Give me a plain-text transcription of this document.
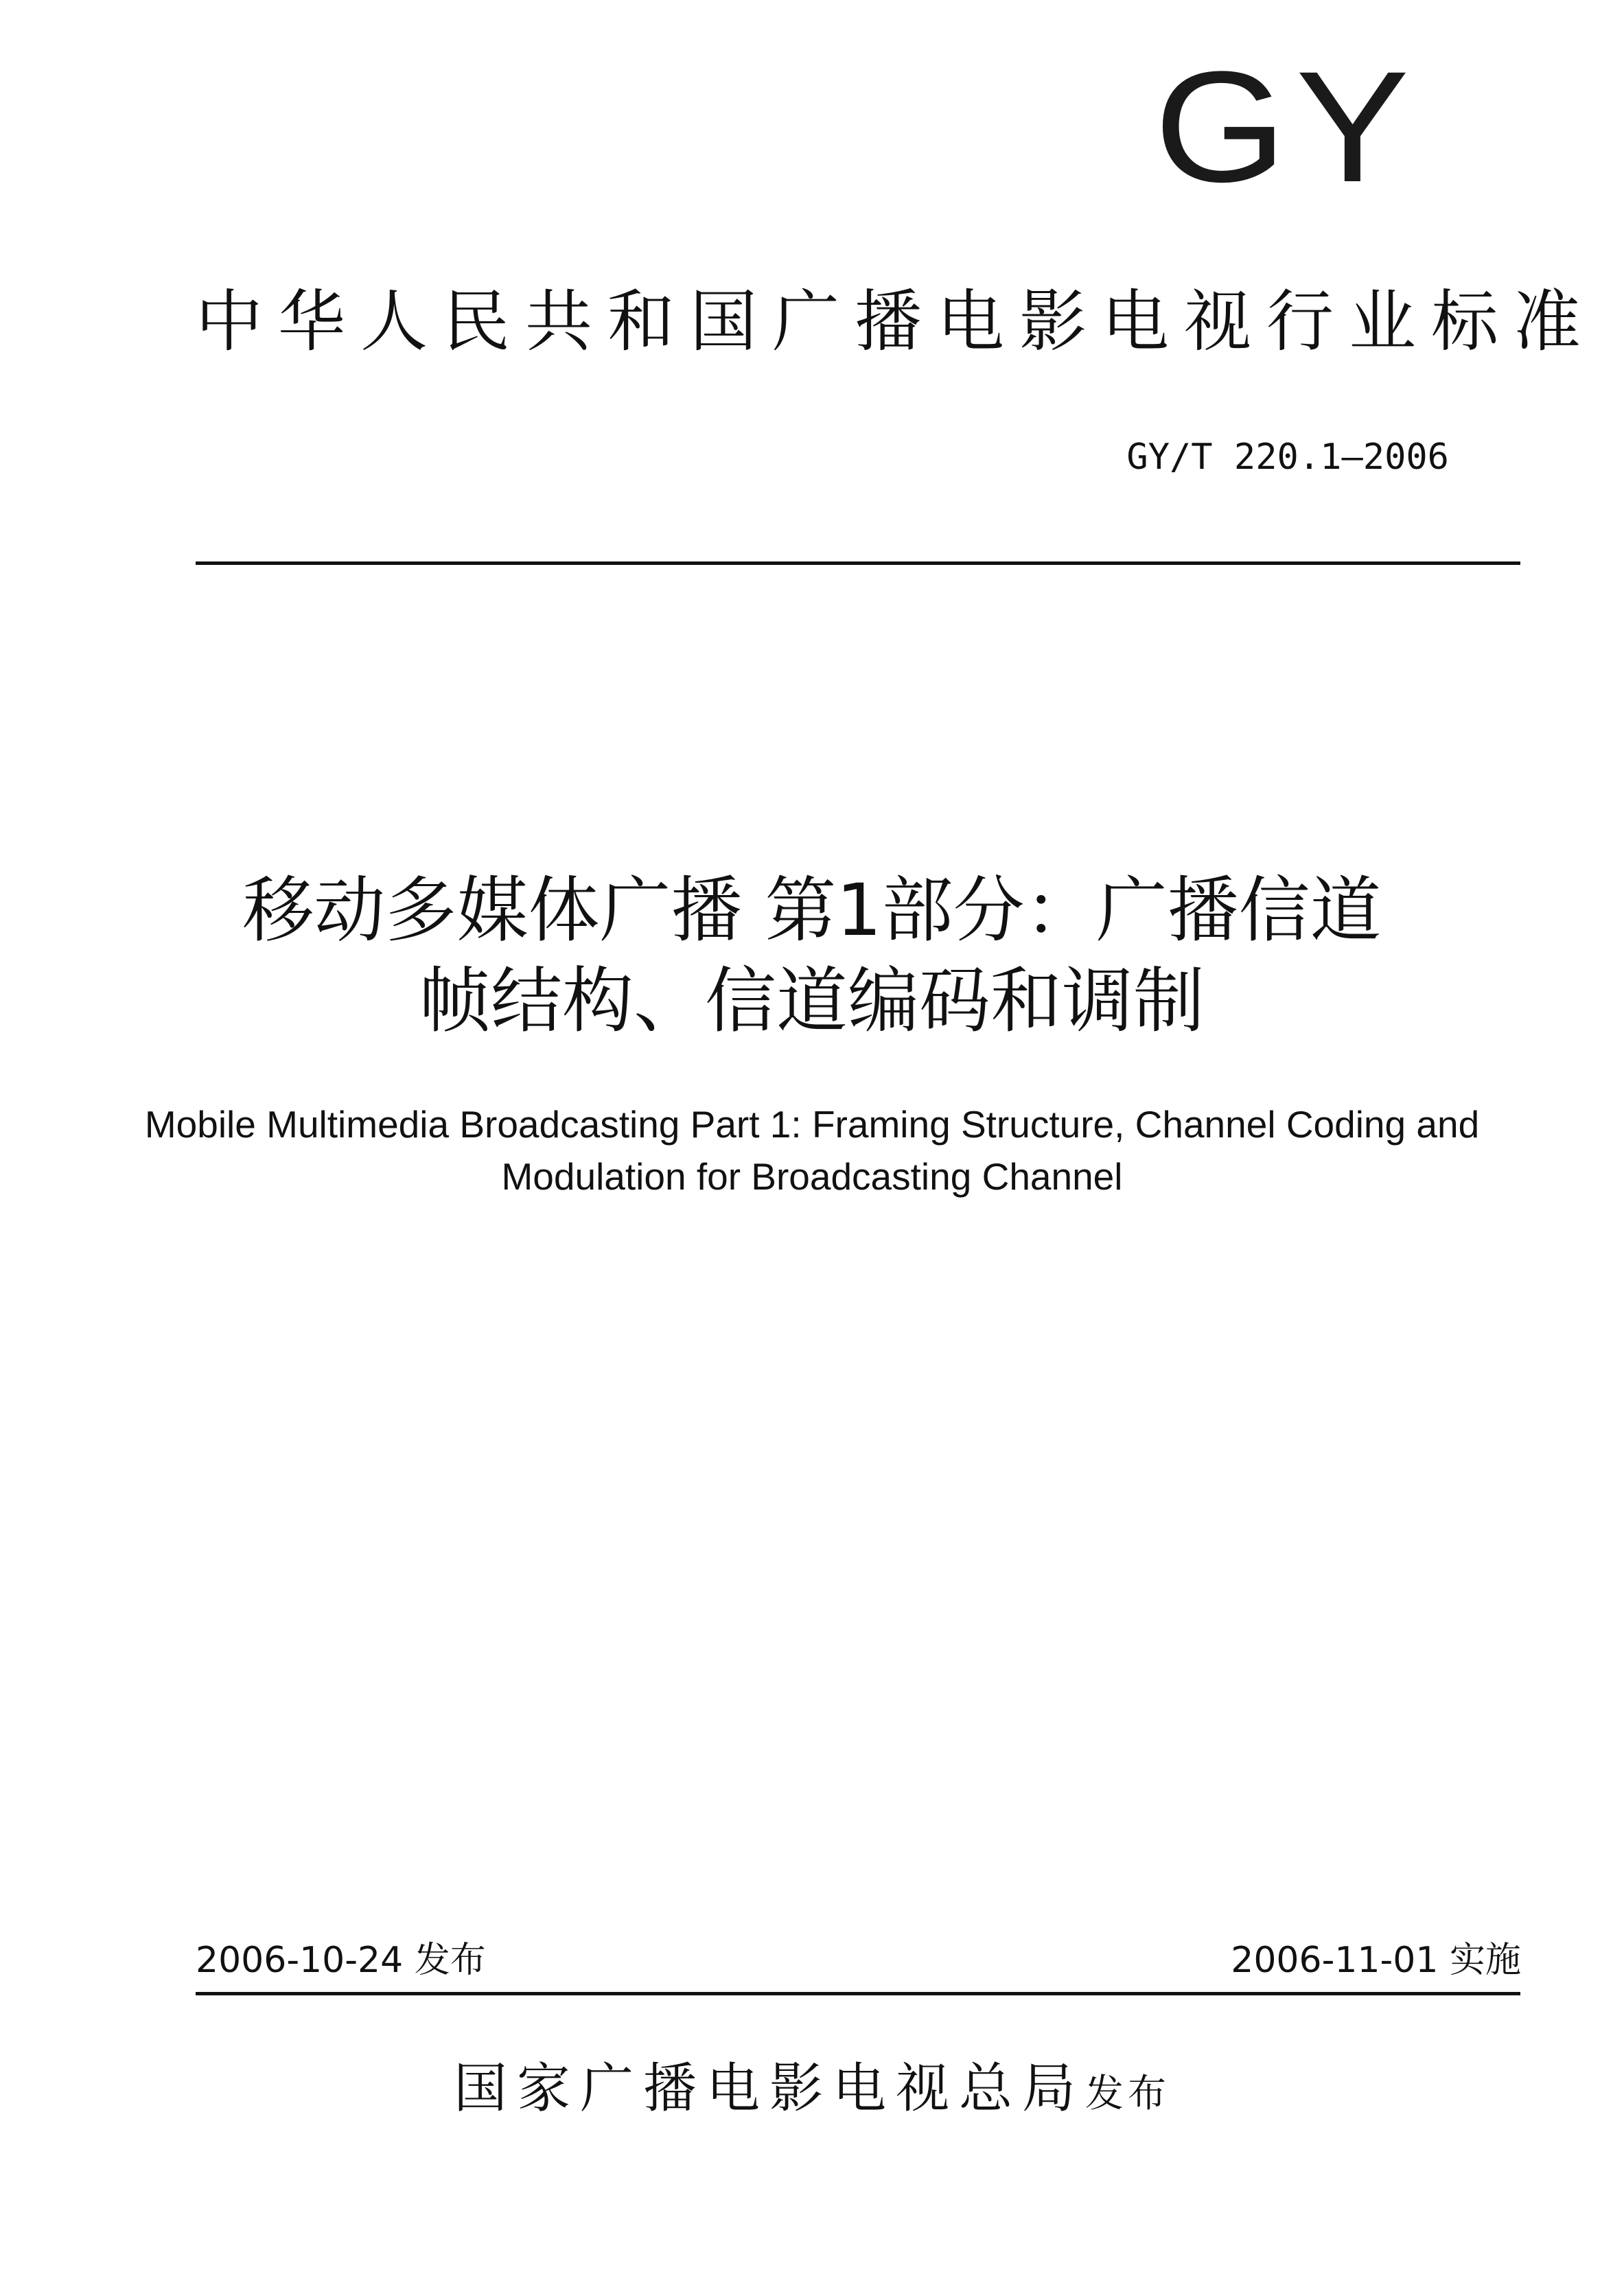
GY
中华人民共和国广播电影电视行业标准
GY/T 220.1—2006
移动多媒体广播 第1部分：广播信道
帧结构、信道编码和调制
Mobile Multimedia Broadcasting Part 1: Framing Structure, Channel Coding and
Modulation for Broadcasting Channel
2006-10-24 发布	2006-11-01 实施
国家广播电影电视总局发布
